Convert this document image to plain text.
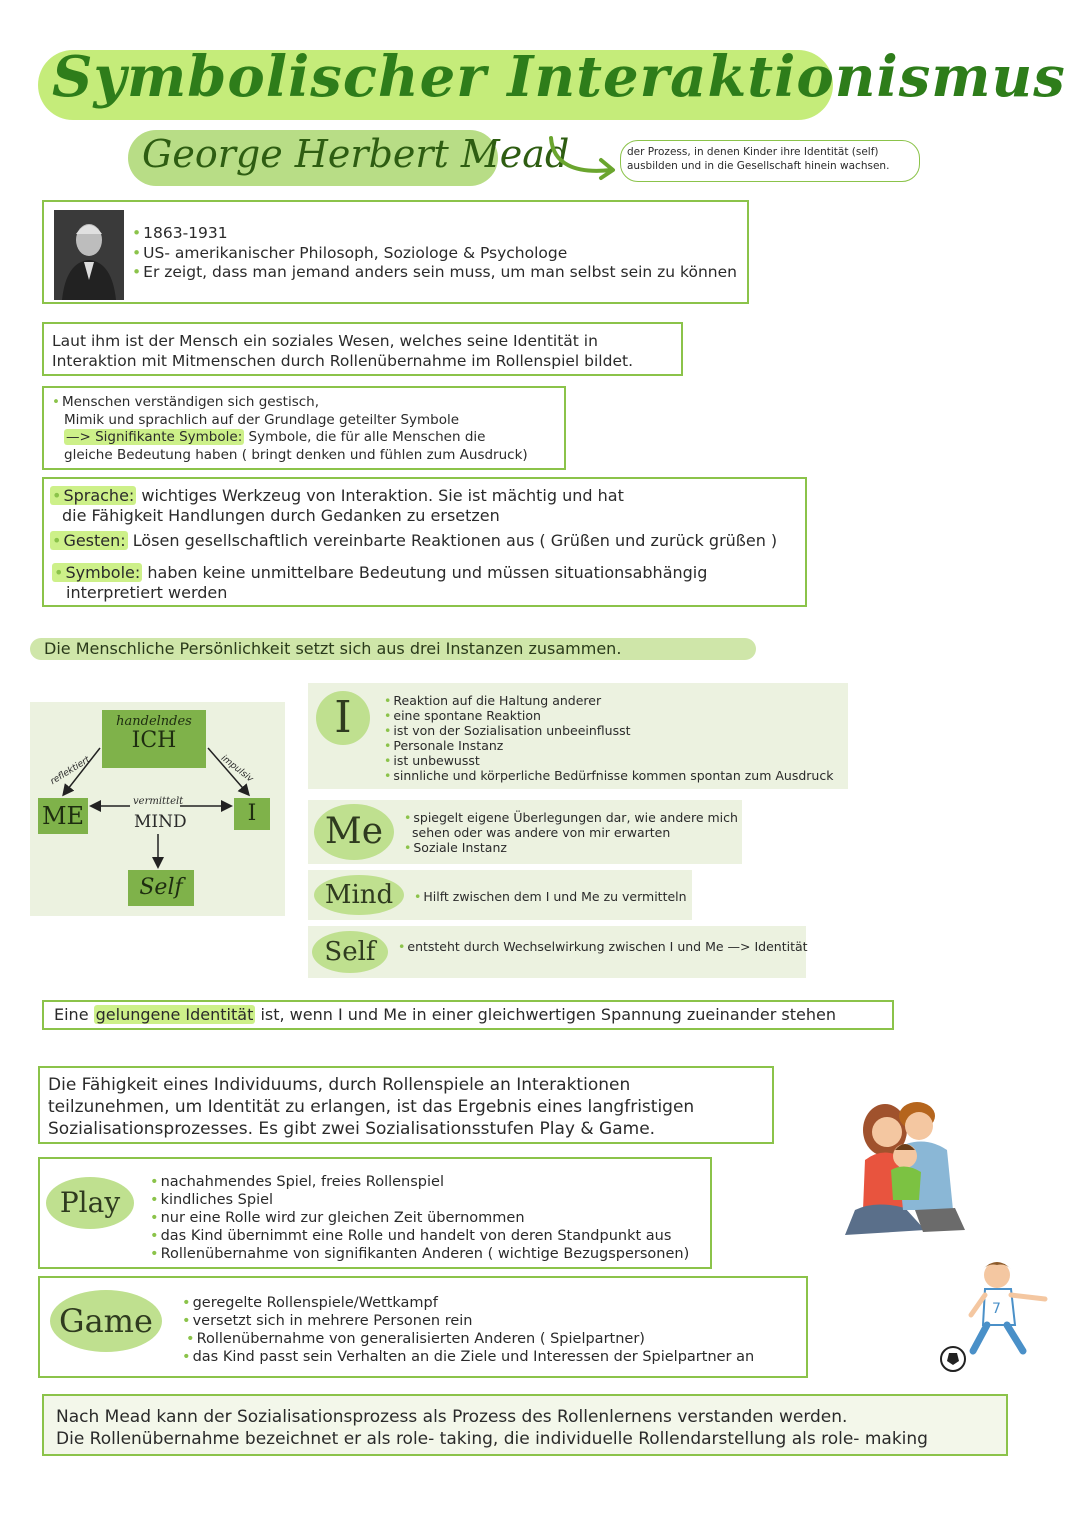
Symbolischer Interaktionismus
George Herbert Mead	der Prozess, in denen Kinder ihre Identität (self)
ausbilden und in die Gesellschaft hinein wachsen.
• 1863-1931
• US- amerikanischer Philosoph, Soziologe & Psychologe
• Er zeigt, dass man jemand anders sein muss, um man selbst sein zu können
Laut ihm ist der Mensch ein soziales Wesen, welches seine Identität in
Interaktion mit Mitmenschen durch Rollenübernahme im Rollenspiel bildet.
• Menschen verständigen sich gestisch,
Mimik und sprachlich auf der Grundlage geteilter Symbole
—> Signifikante Symbole: Symbole, die für alle Menschen die
gleiche Bedeutung haben ( bringt denken und fühlen zum Ausdruck)
• Sprache: wichtiges Werkzeug von Interaktion. Sie ist mächtig und hat
die Fähigkeit Handlungen durch Gedanken zu ersetzen
• Gesten: Lösen gesellschaftlich vereinbarte Reaktionen aus ( Grüßen und zurück grüßen )
• Symbole: haben keine unmittelbare Bedeutung und müssen situationsabhängig
interpretiert werden
Die Menschliche Persönlichkeit setzt sich aus drei Instanzen zusammen.
handelndes
ICH
ME	I
Self
vermittelt
MIND
reflektiert	impulsiv
I	• Reaktion auf die Haltung anderer
• eine spontane Reaktion
• ist von der Sozialisation unbeeinflusst
• Personale Instanz
• ist unbewusst
• sinnliche und körperliche Bedürfnisse kommen spontan zum Ausdruck
Me	• spiegelt eigene Überlegungen dar, wie andere mich
sehen oder was andere von mir erwarten
• Soziale Instanz
Mind	• Hilft zwischen dem I und Me zu vermitteln
Self	• entsteht durch Wechselwirkung zwischen I und Me —> Identität
Eine gelungene Identität ist, wenn I und Me in einer gleichwertigen Spannung zueinander stehen
Die Fähigkeit eines Individuums, durch Rollenspiele an Interaktionen
teilzunehmen, um Identität zu erlangen, ist das Ergebnis eines langfristigen
Sozialisationsprozesses. Es gibt zwei Sozialisationsstufen Play & Game.
Play
• nachahmendes Spiel, freies Rollenspiel
• kindliches Spiel
• nur eine Rolle wird zur gleichen Zeit übernommen
• das Kind übernimmt eine Rolle und handelt von deren Standpunkt aus
• Rollenübernahme von signifikanten Anderen ( wichtige Bezugspersonen)
Game	• geregelte Rollenspiele/Wettkampf
• versetzt sich in mehrere Personen rein
• Rollenübernahme von generalisierten Anderen ( Spielpartner)
• das Kind passt sein Verhalten an die Ziele und Interessen der Spielpartner an
7
Nach Mead kann der Sozialisationsprozess als Prozess des Rollenlernens verstanden werden.
Die Rollenübernahme bezeichnet er als role- taking, die individuelle Rollendarstellung als role- making
